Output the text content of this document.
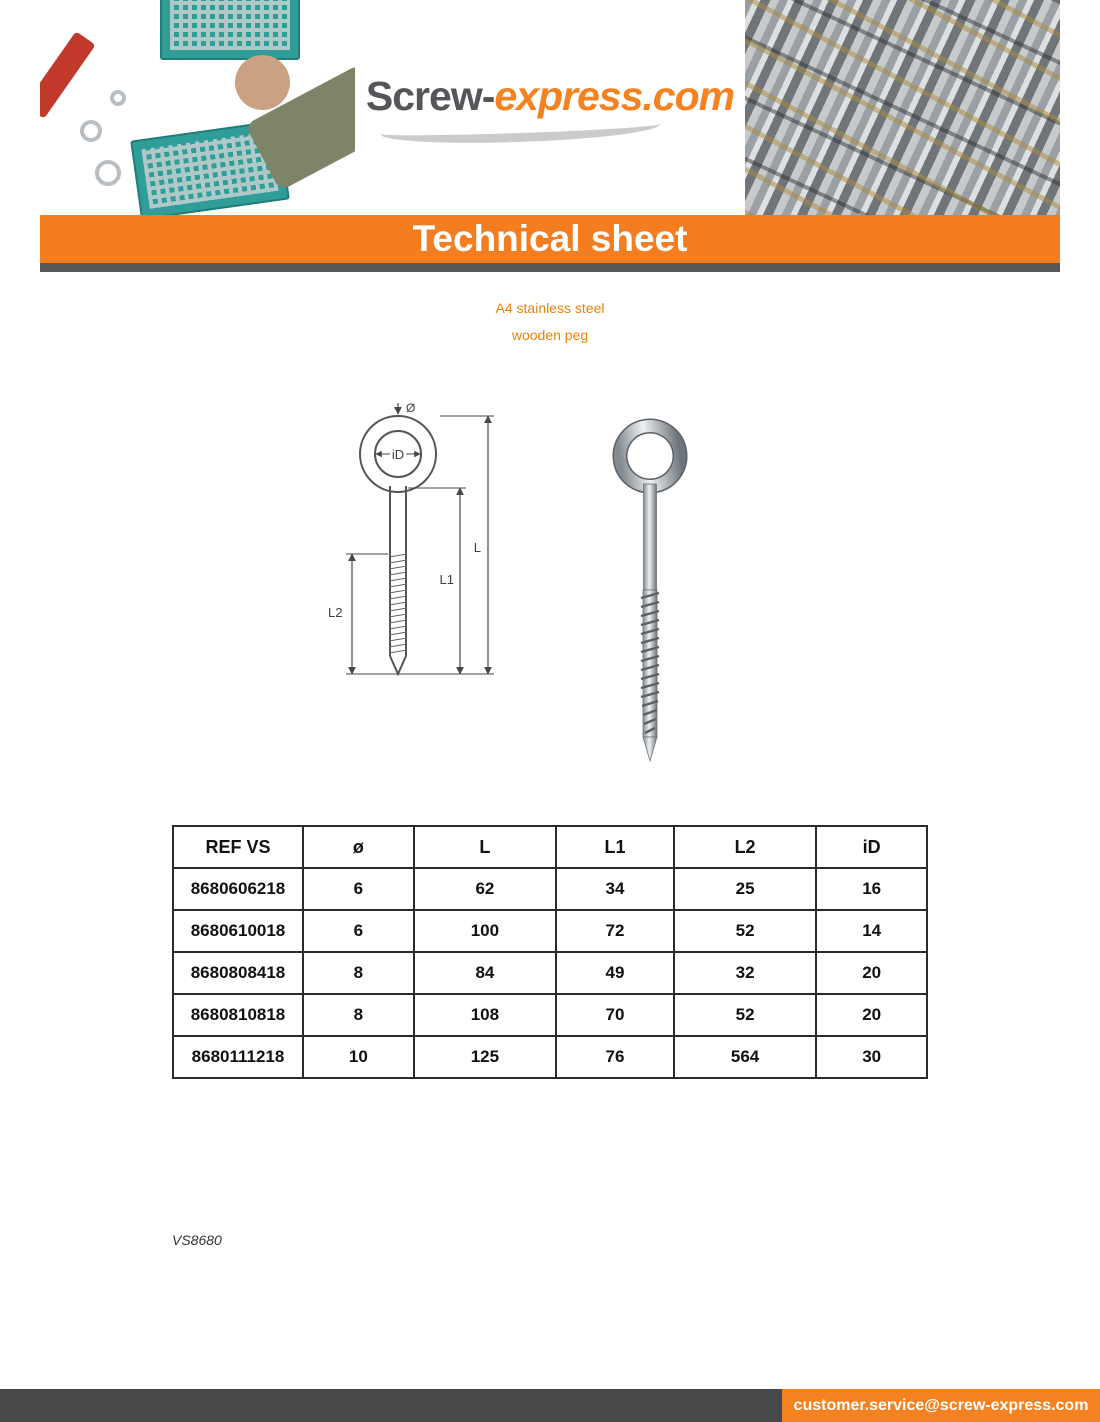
Screw-express.com
Technical sheet
A4 stainless steel
wooden peg
Ø
iD
L
L1
L2
REF VS	ø	L	L1	L2	iD
8680606218	6	62	34	25	16
8680610018	6	100	72	52	14
8680808418	8	84	49	32	20
8680810818	8	108	70	52	20
8680111218	10	125	76	564	30
VS8680
customer.service@screw-express.com
